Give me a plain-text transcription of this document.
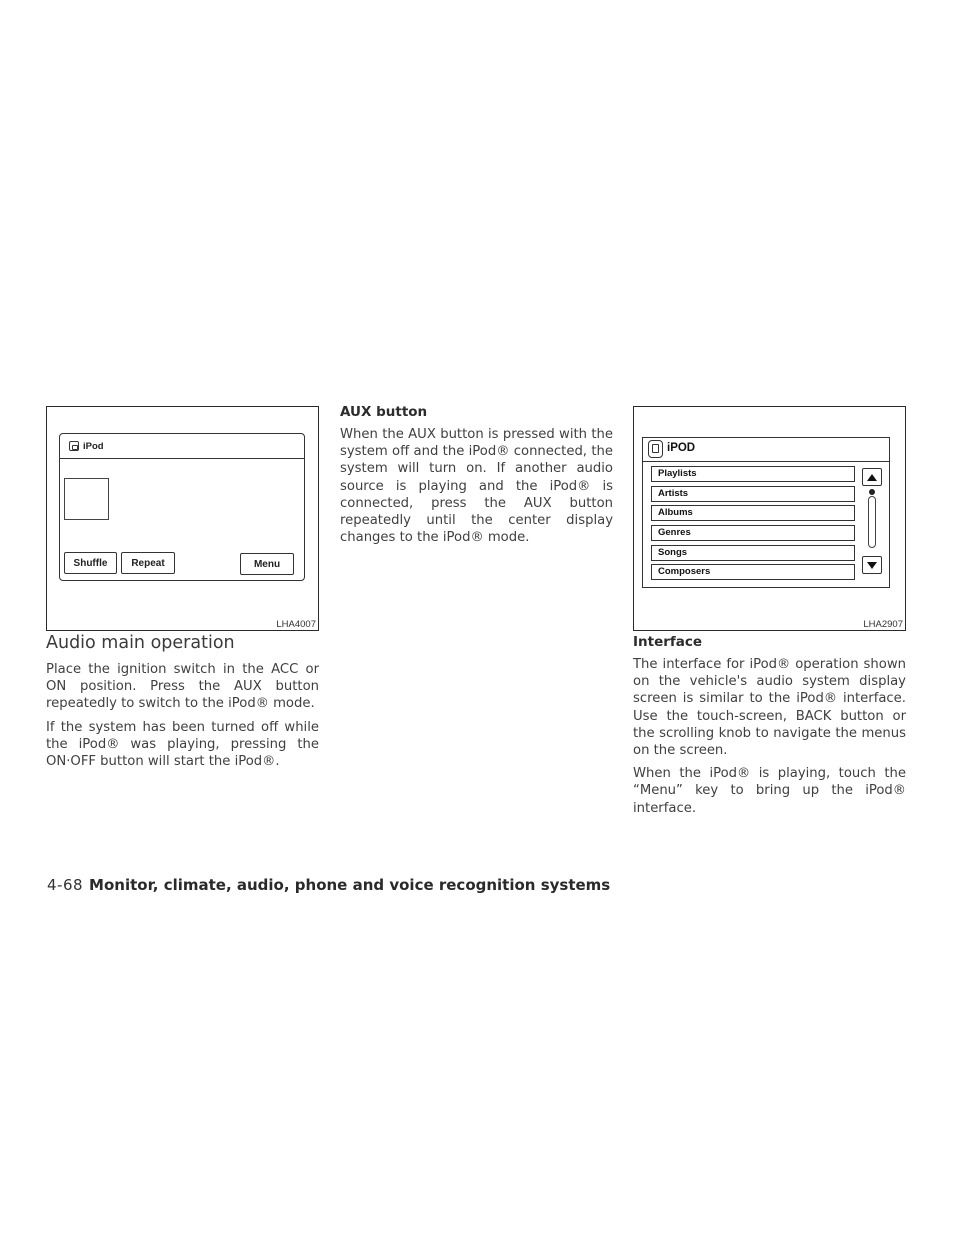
iPod
Shuffle	Repeat	Menu
LHA4007
iPOD
Playlists
Artists
Albums
Genres
Songs
Composers
LHA2907
Audio main operation

Place the ignition switch in the ACC or ON position. Press the AUX button repeatedly to switch to the iPod® mode.

If the system has been turned off while the iPod® was playing, pressing the ON·OFF button will start the iPod®.

AUX button

When the AUX button is pressed with the system off and the iPod® connected, the system will turn on. If another audio source is playing and the iPod® is connected, press the AUX button repeatedly until the center display changes to the iPod® mode.

Interface

The interface for iPod® operation shown on the vehicle's audio system display screen is similar to the iPod® interface. Use the touch-screen, BACK button or the scrolling knob to navigate the menus on the screen.

When the iPod® is playing, touch the “Menu” key to bring up the iPod® interface.

4-68 Monitor, climate, audio, phone and voice recognition systems
